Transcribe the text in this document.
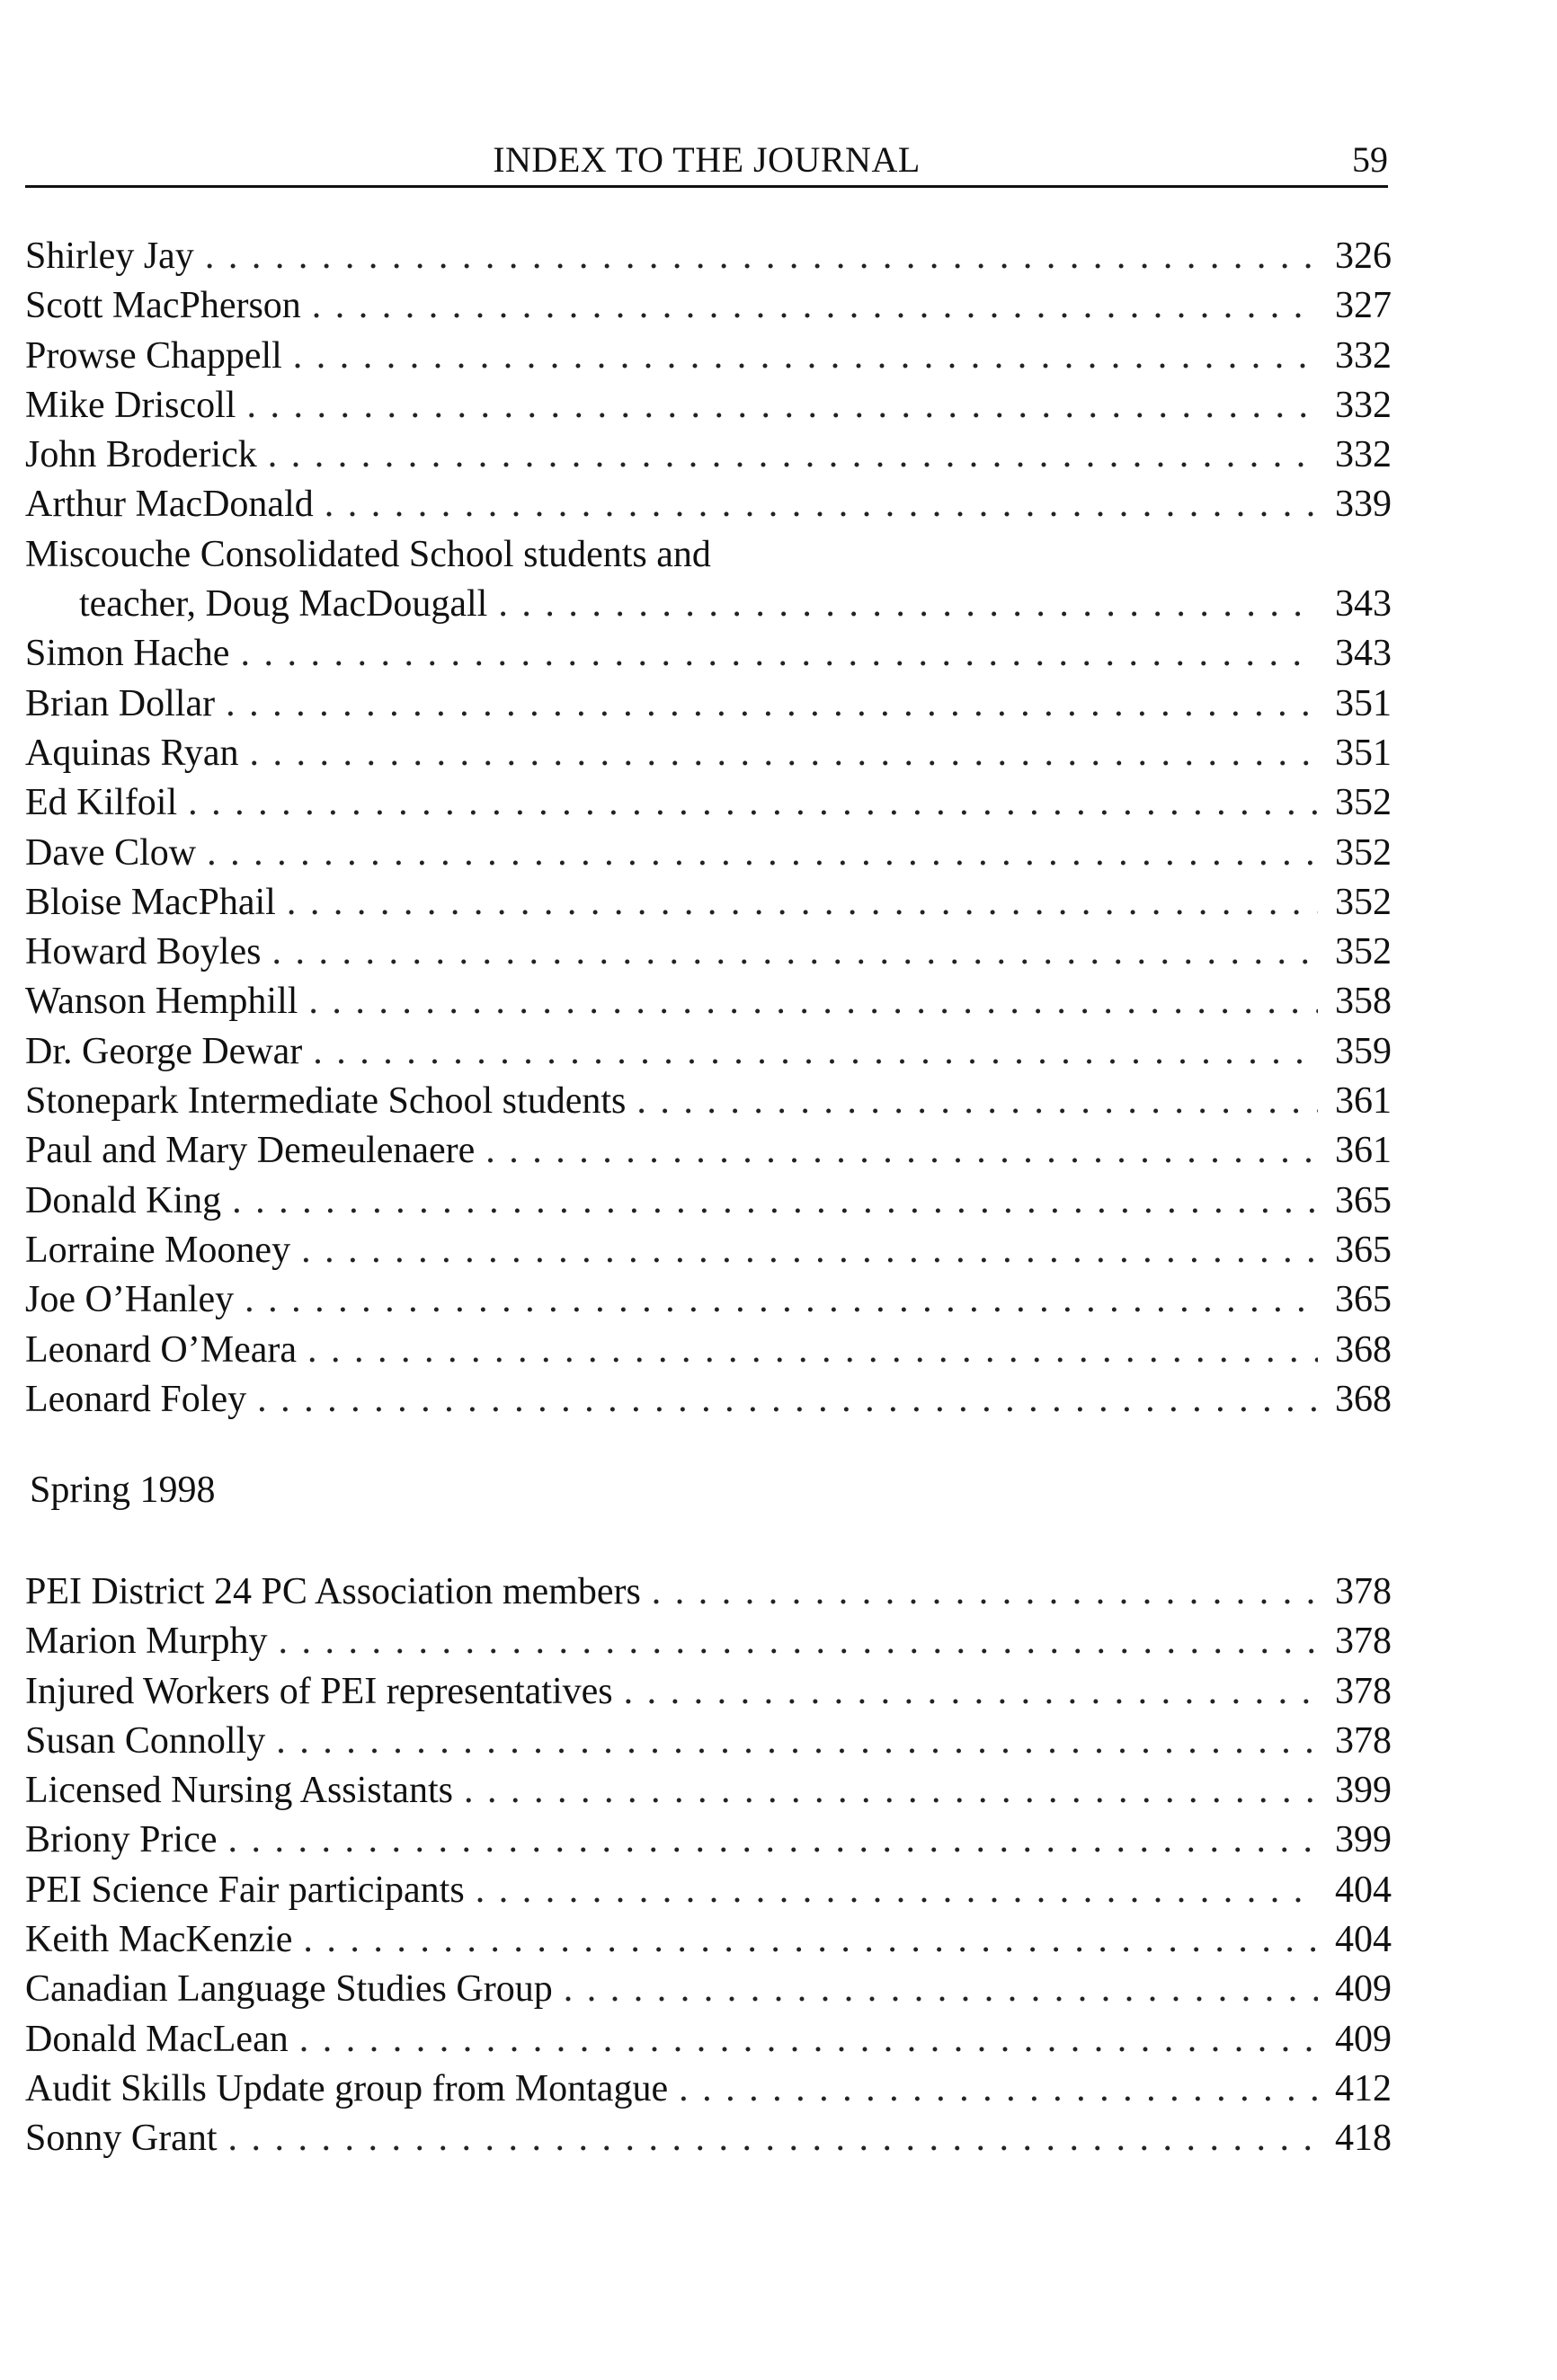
INDEX TO THE JOURNAL	59
Shirley Jay . . .	326
Scott MacPherson . . .	327
Prowse Chappell . . .	332
Mike Driscoll . . .	332
John Broderick . . .	332
Arthur MacDonald . . .	339
Miscouche Consolidated School students and
teacher, Doug MacDougall . . .	343
Simon Hache . . .	343
Brian Dollar . . .	351
Aquinas Ryan . . .	351
Ed Kilfoil . . .	352
Dave Clow . . .	352
Bloise MacPhail . . .	352
Howard Boyles . . .	352
Wanson Hemphill . . .	358
Dr. George Dewar . . .	359
Stonepark Intermediate School students . . .	361
Paul and Mary Demeulenaere . . .	361
Donald King . . .	365
Lorraine Mooney . . .	365
Joe O’Hanley . . .	365
Leonard O’Meara . . .	368
Leonard Foley . . .	368
Spring 1998
PEI District 24 PC Association members . . .	378
Marion Murphy . . .	378
Injured Workers of PEI representatives . . .	378
Susan Connolly . . .	378
Licensed Nursing Assistants . . .	399
Briony Price . . .	399
PEI Science Fair participants . . .	404
Keith MacKenzie . . .	404
Canadian Language Studies Group . . .	409
Donald MacLean . . .	409
Audit Skills Update group from Montague . . .	412
Sonny Grant . . .	418
